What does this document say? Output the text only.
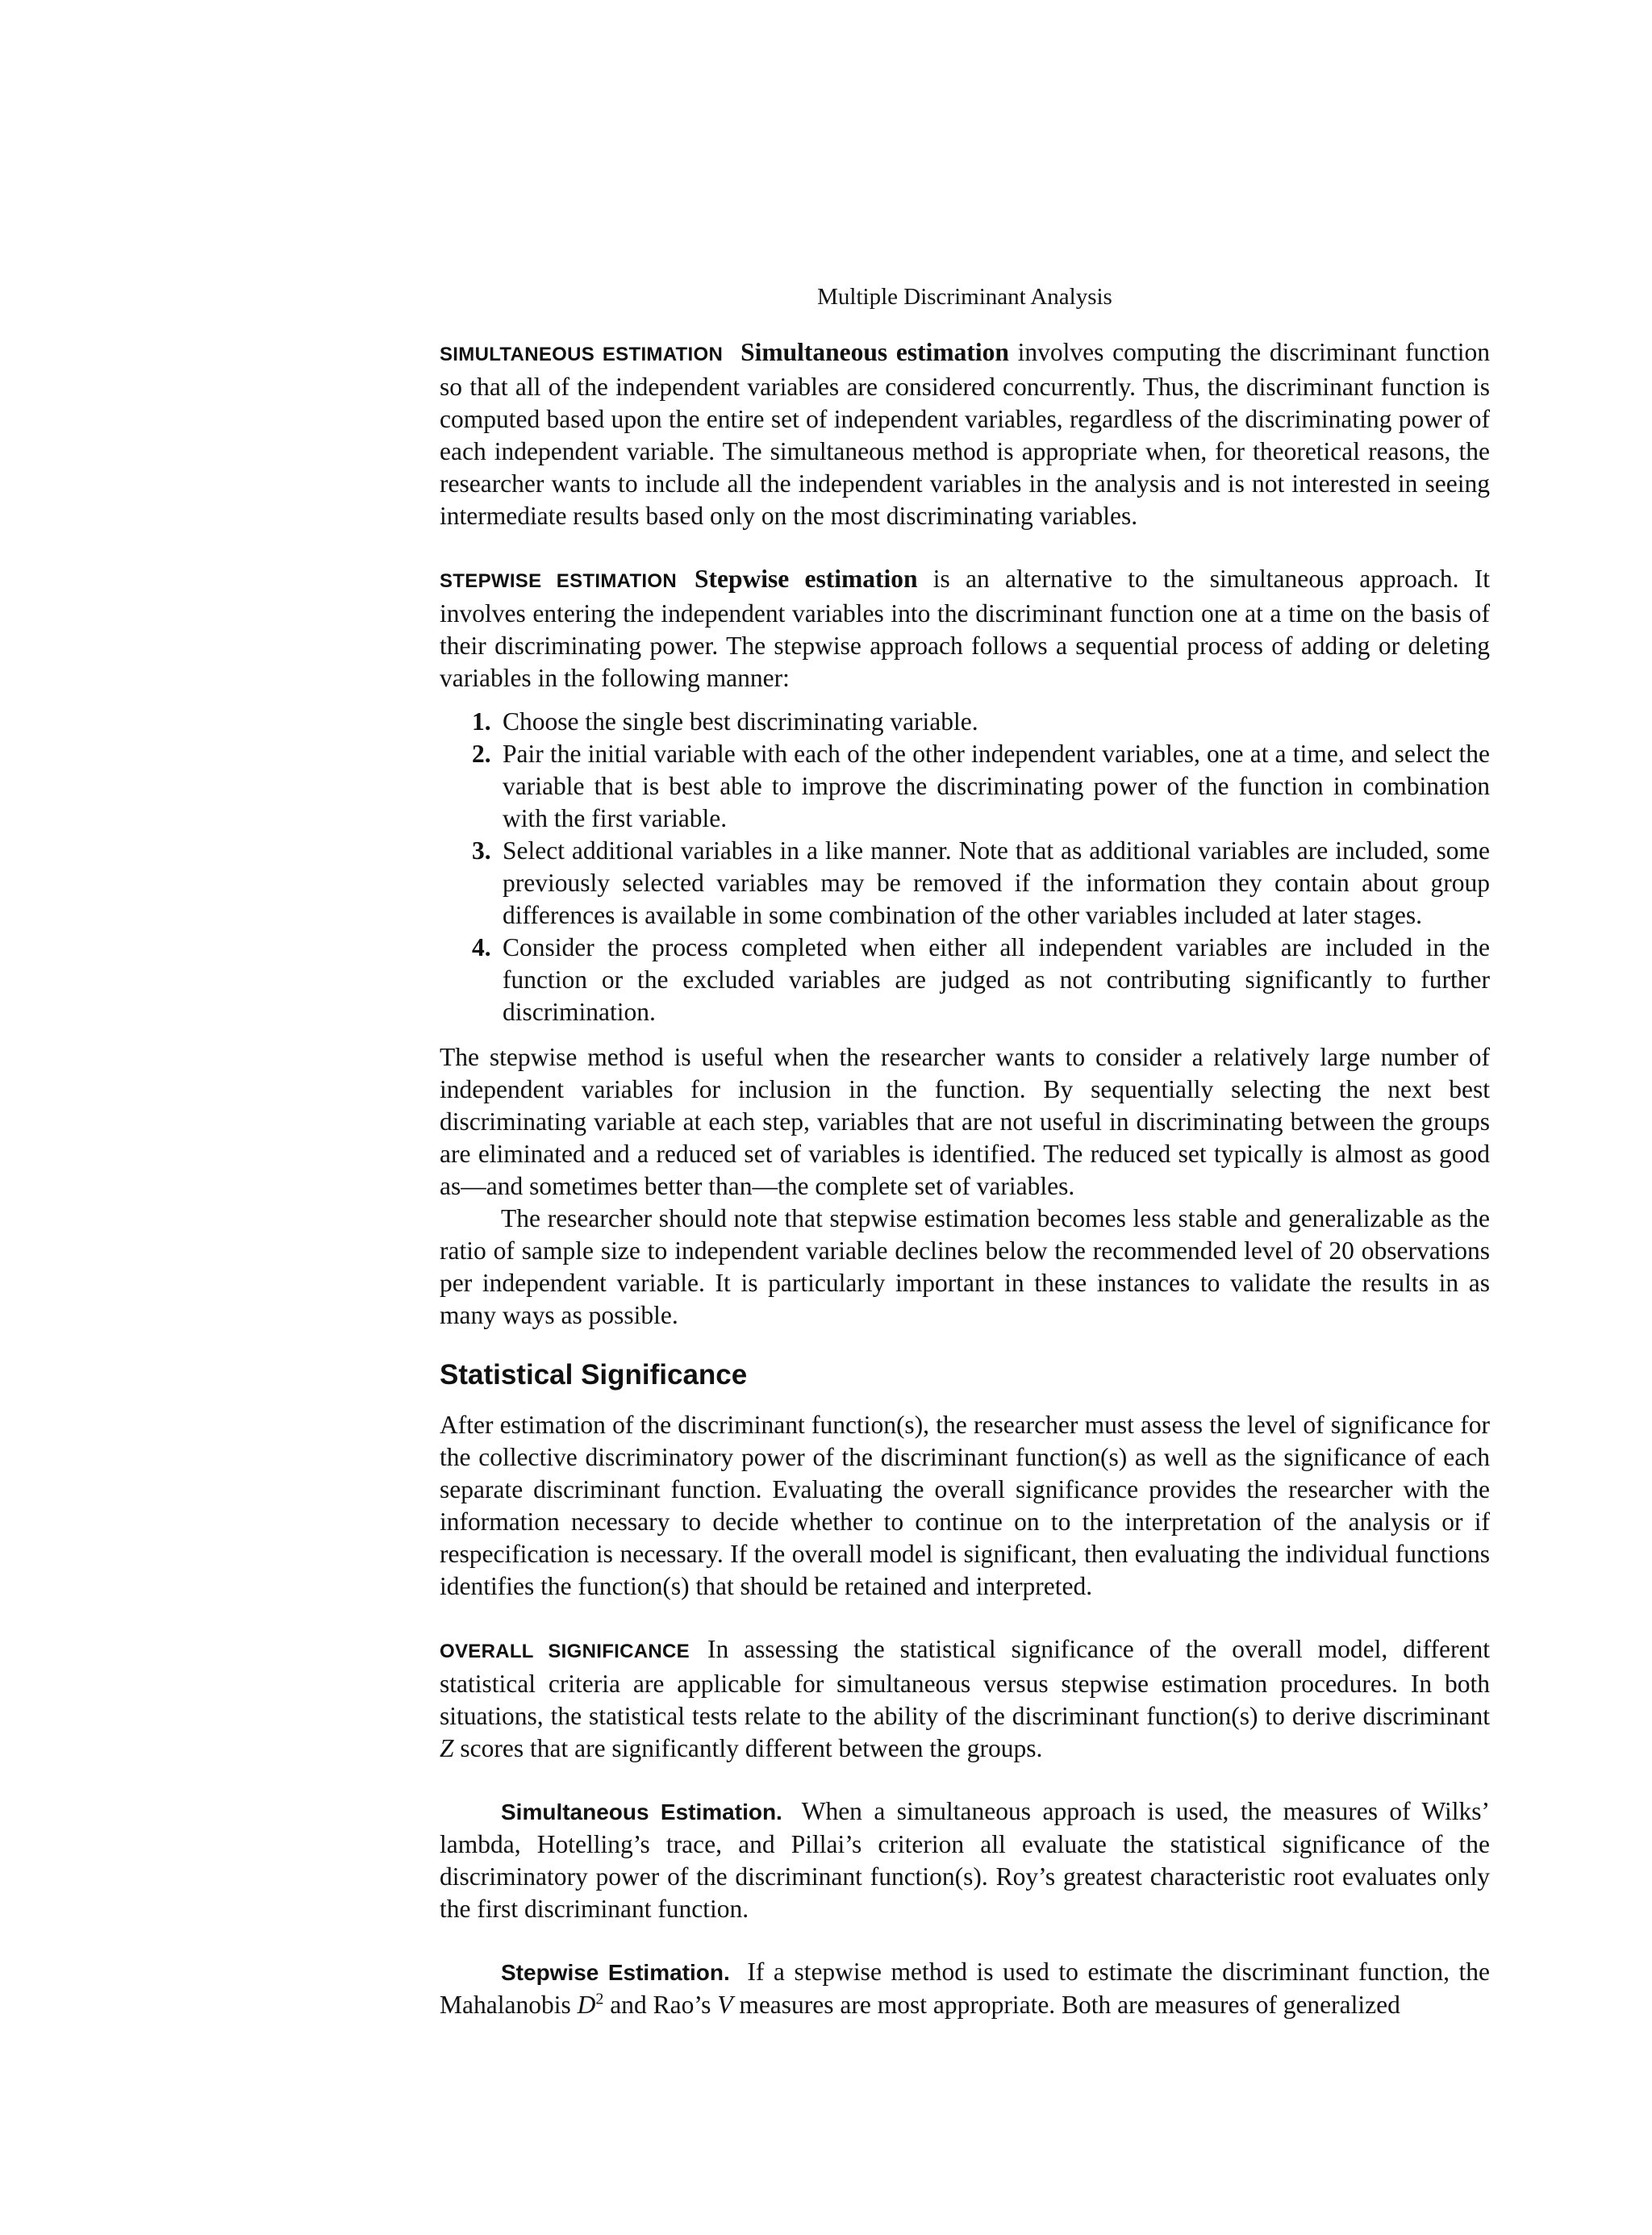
Multiple Discriminant Analysis

SIMULTANEOUS ESTIMATION Simultaneous estimation involves computing the discriminant function so that all of the independent variables are considered concurrently. Thus, the discriminant function is computed based upon the entire set of independent variables, regardless of the discriminating power of each independent variable. The simultaneous method is appropriate when, for theoretical reasons, the researcher wants to include all the independent variables in the analysis and is not interested in seeing intermediate results based only on the most discriminating variables.

STEPWISE ESTIMATION Stepwise estimation is an alternative to the simultaneous approach. It involves entering the independent variables into the discriminant function one at a time on the basis of their discriminating power. The stepwise approach follows a sequential process of adding or deleting variables in the following manner:

1. Choose the single best discriminating variable.
2. Pair the initial variable with each of the other independent variables, one at a time, and select the variable that is best able to improve the discriminating power of the function in combination with the first variable.
3. Select additional variables in a like manner. Note that as additional variables are included, some previously selected variables may be removed if the information they contain about group differences is available in some combination of the other variables included at later stages.
4. Consider the process completed when either all independent variables are included in the function or the excluded variables are judged as not contributing significantly to further discrimination.

The stepwise method is useful when the researcher wants to consider a relatively large number of independent variables for inclusion in the function. By sequentially selecting the next best discriminating variable at each step, variables that are not useful in discriminating between the groups are eliminated and a reduced set of variables is identified. The reduced set typically is almost as good as—and sometimes better than—the complete set of variables.

The researcher should note that stepwise estimation becomes less stable and generalizable as the ratio of sample size to independent variable declines below the recommended level of 20 observations per independent variable. It is particularly important in these instances to validate the results in as many ways as possible.

Statistical Significance

After estimation of the discriminant function(s), the researcher must assess the level of significance for the collective discriminatory power of the discriminant function(s) as well as the significance of each separate discriminant function. Evaluating the overall significance provides the researcher with the information necessary to decide whether to continue on to the interpretation of the analysis or if respecification is necessary. If the overall model is significant, then evaluating the individual functions identifies the function(s) that should be retained and interpreted.

OVERALL SIGNIFICANCE In assessing the statistical significance of the overall model, different statistical criteria are applicable for simultaneous versus stepwise estimation procedures. In both situations, the statistical tests relate to the ability of the discriminant function(s) to derive discriminant Z scores that are significantly different between the groups.

Simultaneous Estimation. When a simultaneous approach is used, the measures of Wilks’ lambda, Hotelling’s trace, and Pillai’s criterion all evaluate the statistical significance of the discriminatory power of the discriminant function(s). Roy’s greatest characteristic root evaluates only the first discriminant function.

Stepwise Estimation. If a stepwise method is used to estimate the discriminant function, the Mahalanobis $D^2$ and Rao’s V measures are most appropriate. Both are measures of generalized
